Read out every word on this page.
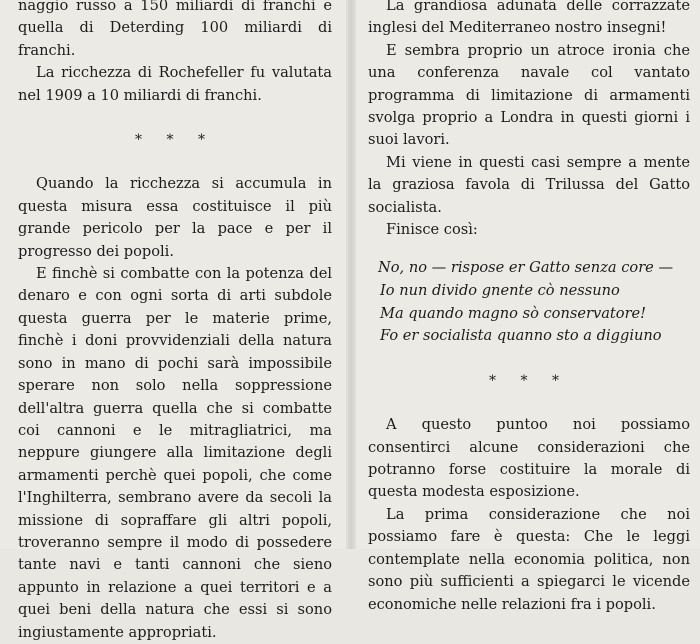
naggio russo a 150 miliardi di franchi e quella di Deterding 100 miliardi di franchi.

La ricchezza di Rochefeller fu valutata nel 1909 a 10 miliardi di franchi.

* * *

Quando la ricchezza si accumula in questa misura essa costituisce il più grande pericolo per la pace e per il progresso dei popoli.

E finchè si combatte con la potenza del denaro e con ogni sorta di arti subdole questa guerra per le materie prime, finchè i doni provvidenziali della natura sono in mano di pochi sarà impossibile sperare non solo nella soppressione dell'altra guerra quella che si combatte coi cannoni e le mitragliatrici, ma neppure giungere alla limitazione degli armamenti perchè quei popoli, che come l'Inghilterra, sembrano avere da secoli la missione di sopraffare gli altri popoli, troveranno sempre il modo di possedere tante navi e tanti cannoni che sieno appunto in relazione a quei territori e a quei beni della natura che essi si sono ingiustamente appropriati.

La grandiosa adunata delle corrazzate inglesi del Mediterraneo nostro insegni!

E sembra proprio un atroce ironia che una conferenza navale col vantato programma di limitazione di armamenti svolga proprio a Londra in questi giorni i suoi lavori.

Mi viene in questi casi sempre a mente la graziosa favola di Trilussa del Gatto socialista.

Finisce così:

No, no — rispose er Gatto senza core —
Io nun divido gnente cò nessuno
Ma quando magno sò conservatore!
Fo er socialista quanno sto a diggiuno
* * *

A questo puntoo noi possiamo consentirci alcune considerazioni che potranno forse costituire la morale di questa modesta esposizione.

La prima considerazione che noi possiamo fare è questa: Che le leggi contemplate nella economia politica, non sono più sufficienti a spiegarci le vicende economiche nelle relazioni fra i popoli.
